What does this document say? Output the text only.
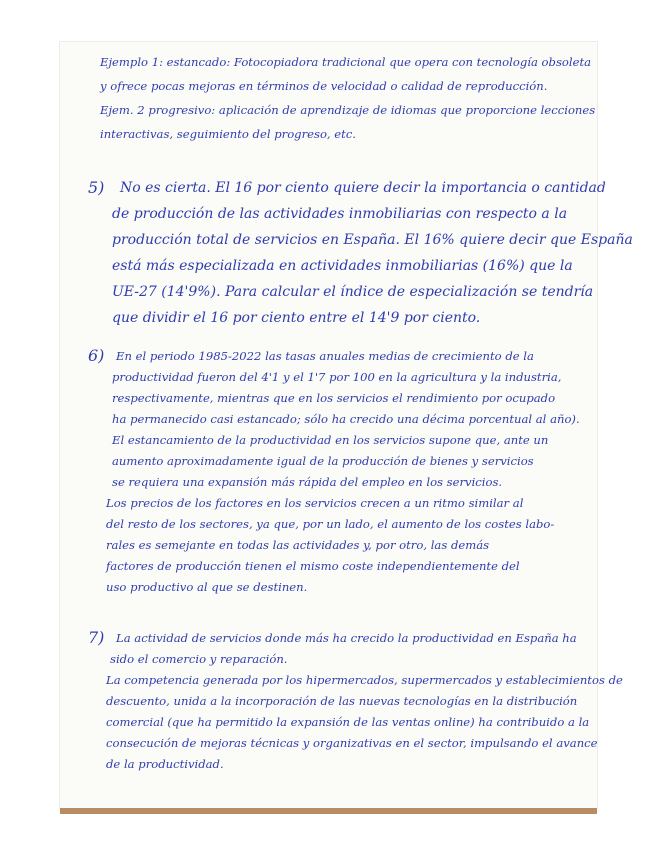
Ejemplo 1: estancado: Fotocopiadora tradicional que opera con tecnología obsoleta
y ofrece pocas mejoras en términos de velocidad o calidad de reproducción.
Ejem. 2 progresivo: aplicación de aprendizaje de idiomas que proporcione lecciones
interactivas, seguimiento del progreso, etc.
5) No es cierta. El 16 por ciento quiere decir la importancia o cantidad
de producción de las actividades inmobiliarias con respecto a la
producción total de servicios en España. El 16% quiere decir que España
está más especializada en actividades inmobiliarias (16%) que la
UE-27 (14'9%). Para calcular el índice de especialización se tendría
que dividir el 16 por ciento entre el 14'9 por ciento.
6) En el periodo 1985-2022 las tasas anuales medias de crecimiento de la
productividad fueron del 4'1 y el 1'7 por 100 en la agricultura y la industria,
respectivamente, mientras que en los servicios el rendimiento por ocupado
ha permanecido casi estancado; sólo ha crecido una décima porcentual al año).
El estancamiento de la productividad en los servicios supone que, ante un
aumento aproximadamente igual de la producción de bienes y servicios
se requiera una expansión más rápida del empleo en los servicios.
Los precios de los factores en los servicios crecen a un ritmo similar al
del resto de los sectores, ya que, por un lado, el aumento de los costes labo-
rales es semejante en todas las actividades y, por otro, las demás
factores de producción tienen el mismo coste independientemente del
uso productivo al que se destinen.
7) La actividad de servicios donde más ha crecido la productividad en España ha
sido el comercio y reparación.
La competencia generada por los hipermercados, supermercados y establecimientos de
descuento, unida a la incorporación de las nuevas tecnologías en la distribución
comercial (que ha permitido la expansión de las ventas online) ha contribuido a la
consecución de mejoras técnicas y organizativas en el sector, impulsando el avance
de la productividad.
